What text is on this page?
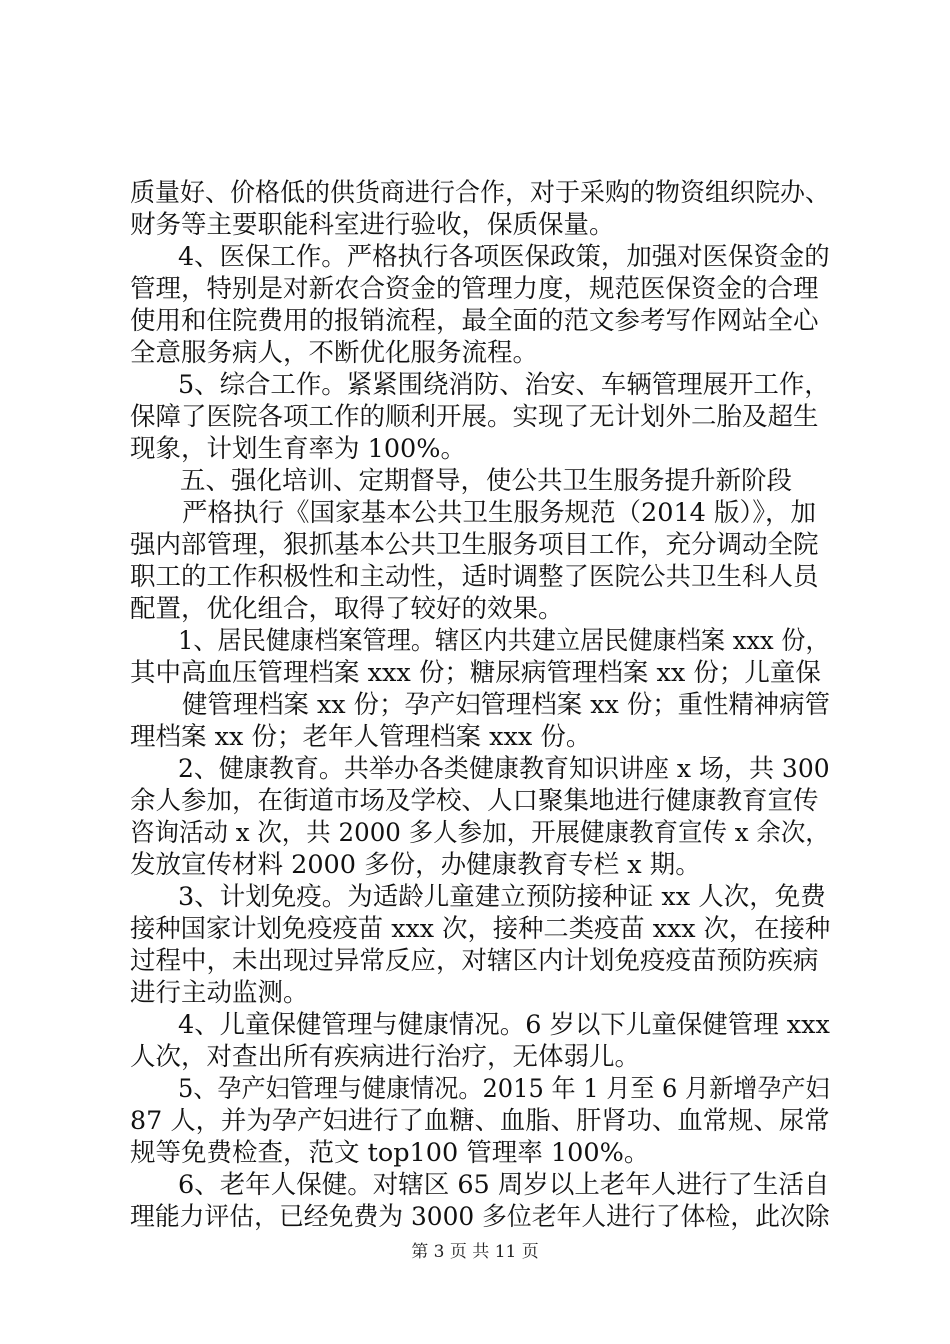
质量好、价格低的供货商进行合作，对于采购的物资组织院办、
财务等主要职能科室进行验收，保质保量。
4、医保工作。严格执行各项医保政策，加强对医保资金的
管理，特别是对新农合资金的管理力度，规范医保资金的合理
使用和住院费用的报销流程，最全面的范文参考写作网站全心
全意服务病人，不断优化服务流程。
5、综合工作。紧紧围绕消防、治安、车辆管理展开工作，
保障了医院各项工作的顺利开展。实现了无计划外二胎及超生
现象，计划生育率为 100%。
五、强化培训、定期督导，使公共卫生服务提升新阶段
严格执行《国家基本公共卫生服务规范（2014 版）》，加
强内部管理，狠抓基本公共卫生服务项目工作，充分调动全院
职工的工作积极性和主动性，适时调整了医院公共卫生科人员
配置，优化组合，取得了较好的效果。
1、居民健康档案管理。辖区内共建立居民健康档案 xxx 份，
其中高血压管理档案 xxx 份；糖尿病管理档案 xx 份；儿童保
健管理档案 xx 份；孕产妇管理档案 xx 份；重性精神病管
理档案 xx 份；老年人管理档案 xxx 份。
2、健康教育。共举办各类健康教育知识讲座 x 场，共 300
余人参加，在街道市场及学校、人口聚集地进行健康教育宣传
咨询活动 x 次，共 2000 多人参加，开展健康教育宣传 x 余次，
发放宣传材料 2000 多份，办健康教育专栏 x 期。
3、计划免疫。为适龄儿童建立预防接种证 xx 人次，免费
接种国家计划免疫疫苗 xxx 次，接种二类疫苗 xxx 次，在接种
过程中，未出现过异常反应，对辖区内计划免疫疫苗预防疾病
进行主动监测。
4、儿童保健管理与健康情况。6 岁以下儿童保健管理 xxx
人次，对查出所有疾病进行治疗，无体弱儿。
5、孕产妇管理与健康情况。2015 年 1 月至 6 月新增孕产妇
87 人，并为孕产妇进行了血糖、血脂、肝肾功、血常规、尿常
规等免费检查，范文 top100 管理率 100%。
6、老年人保健。对辖区 65 周岁以上老年人进行了生活自
理能力评估，已经免费为 3000 多位老年人进行了体检，此次除
第 3 页 共 11 页
